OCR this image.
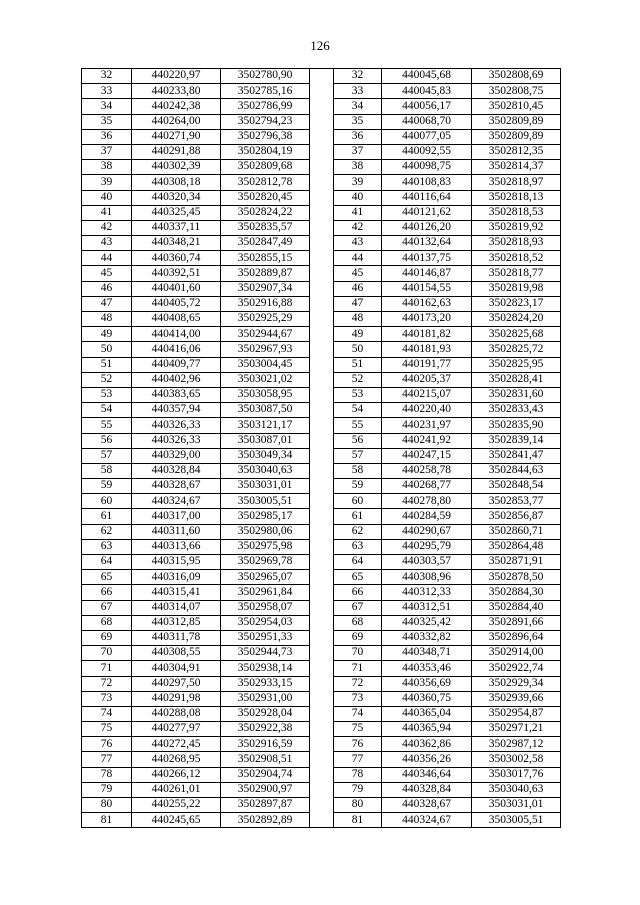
126
32	440220,97	3502780,90		32	440045,68	3502808,69
33	440233,80	3502785,16		33	440045,83	3502808,75
34	440242,38	3502786,99		34	440056,17	3502810,45
35	440264,00	3502794,23		35	440068,70	3502809,89
36	440271,90	3502796,38		36	440077,05	3502809,89
37	440291,88	3502804,19		37	440092,55	3502812,35
38	440302,39	3502809,68		38	440098,75	3502814,37
39	440308,18	3502812,78		39	440108,83	3502818,97
40	440320,34	3502820,45		40	440116,64	3502818,13
41	440325,45	3502824,22		41	440121,62	3502818,53
42	440337,11	3502835,57		42	440126,20	3502819,92
43	440348,21	3502847,49		43	440132,64	3502818,93
44	440360,74	3502855,15		44	440137,75	3502818,52
45	440392,51	3502889,87		45	440146,87	3502818,77
46	440401,60	3502907,34		46	440154,55	3502819,98
47	440405,72	3502916,88		47	440162,63	3502823,17
48	440408,65	3502925,29		48	440173,20	3502824,20
49	440414,00	3502944,67		49	440181,82	3502825,68
50	440416,06	3502967,93		50	440181,93	3502825,72
51	440409,77	3503004,45		51	440191,77	3502825,95
52	440402,96	3503021,02		52	440205,37	3502828,41
53	440383,65	3503058,95		53	440215,07	3502831,60
54	440357,94	3503087,50		54	440220,40	3502833,43
55	440326,33	3503121,17		55	440231,97	3502835,90
56	440326,33	3503087,01		56	440241,92	3502839,14
57	440329,00	3503049,34		57	440247,15	3502841,47
58	440328,84	3503040,63		58	440258,78	3502844,63
59	440328,67	3503031,01		59	440268,77	3502848,54
60	440324,67	3503005,51		60	440278,80	3502853,77
61	440317,00	3502985,17		61	440284,59	3502856,87
62	440311,60	3502980,06		62	440290,67	3502860,71
63	440313,66	3502975,98		63	440295,79	3502864,48
64	440315,95	3502969,78		64	440303,57	3502871,91
65	440316,09	3502965,07		65	440308,96	3502878,50
66	440315,41	3502961,84		66	440312,33	3502884,30
67	440314,07	3502958,07		67	440312,51	3502884,40
68	440312,85	3502954,03		68	440325,42	3502891,66
69	440311,78	3502951,33		69	440332,82	3502896,64
70	440308,55	3502944,73		70	440348,71	3502914,00
71	440304,91	3502938,14		71	440353,46	3502922,74
72	440297,50	3502933,15		72	440356,69	3502929,34
73	440291,98	3502931,00		73	440360,75	3502939,66
74	440288,08	3502928,04		74	440365,04	3502954,87
75	440277,97	3502922,38		75	440365,94	3502971,21
76	440272,45	3502916,59		76	440362,86	3502987,12
77	440268,95	3502908,51		77	440356,26	3503002,58
78	440266,12	3502904,74		78	440346,64	3503017,76
79	440261,01	3502900,97		79	440328,84	3503040,63
80	440255,22	3502897,87		80	440328,67	3503031,01
81	440245,65	3502892,89		81	440324,67	3503005,51
